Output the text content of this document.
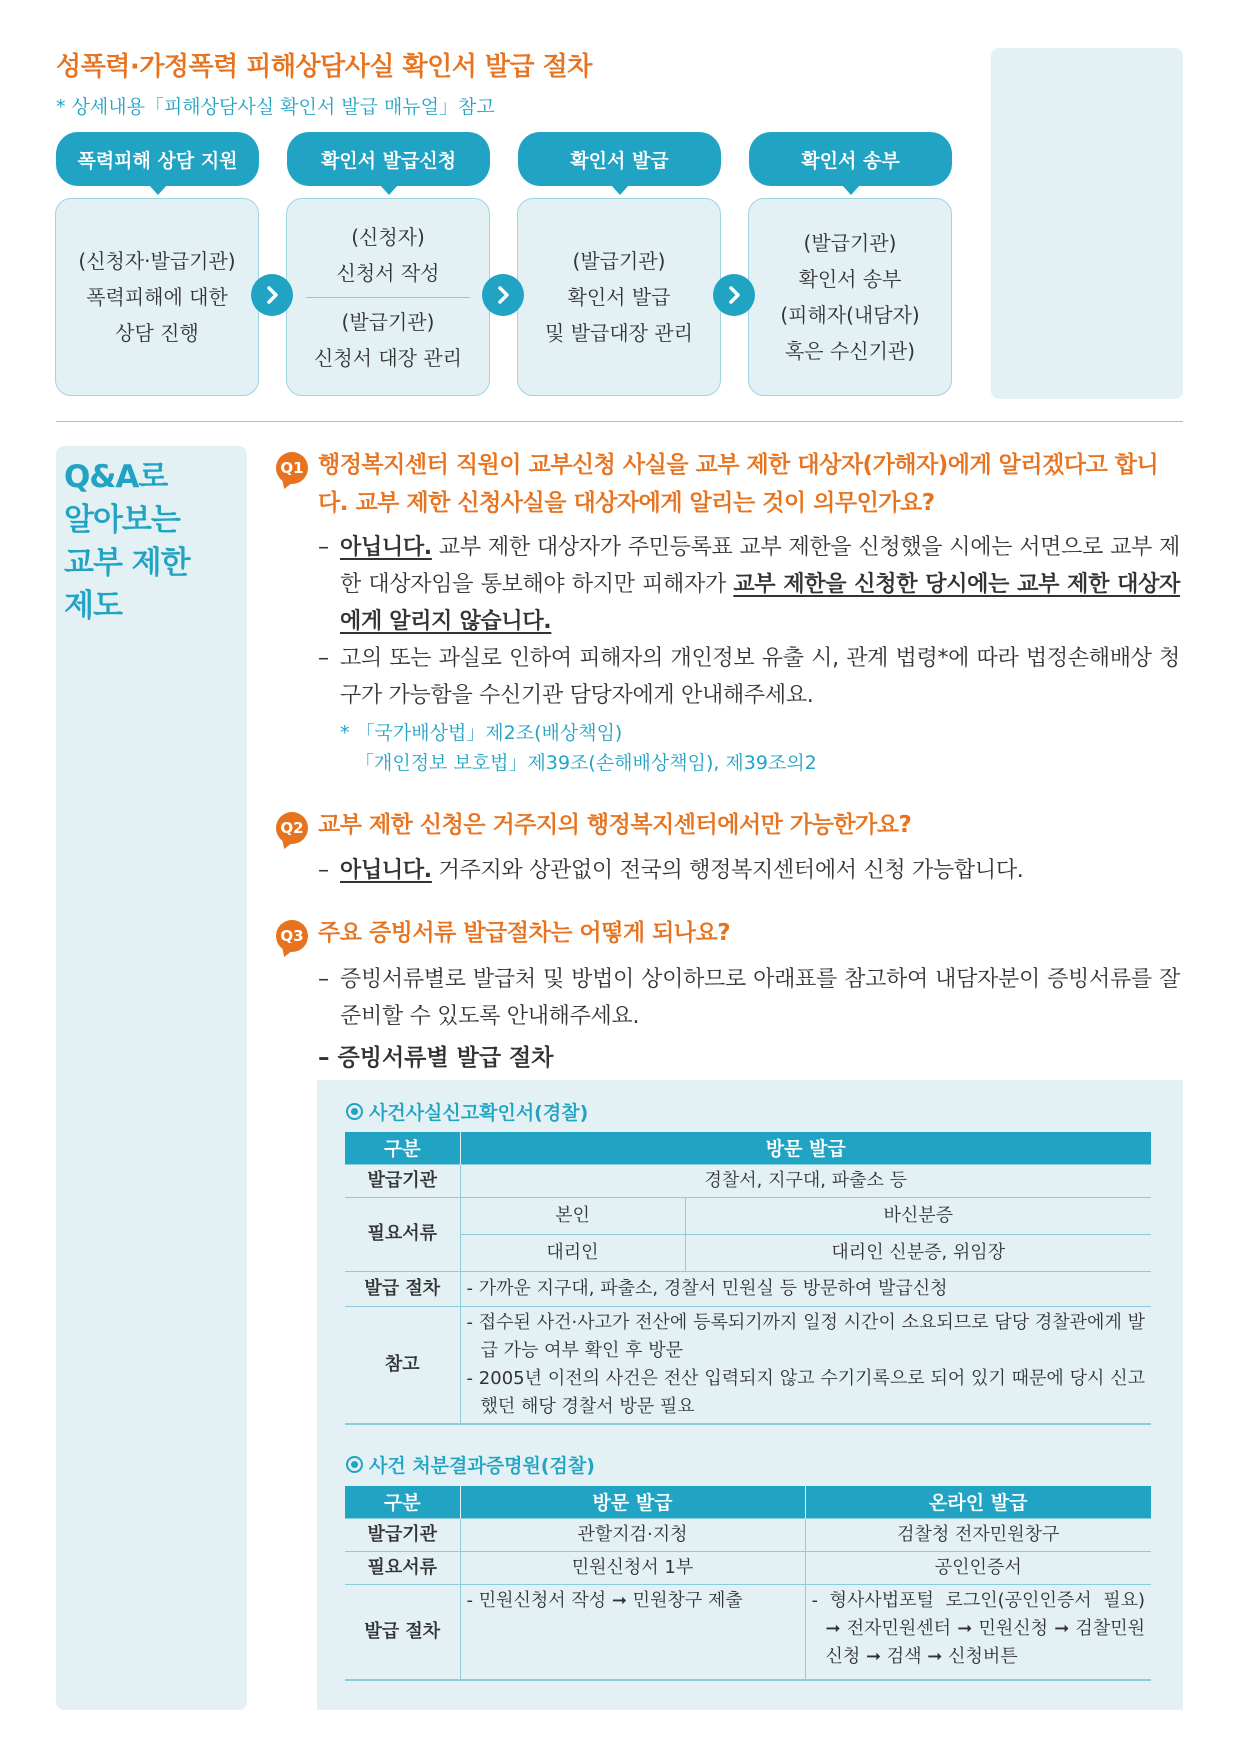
성폭력·가정폭력 피해상담사실 확인서 발급 절차
* 상세내용「피해상담사실 확인서 발급 매뉴얼」참고
폭력피해 상담 지원	확인서 발급신청	확인서 발급	확인서 송부
(신청자·발급기관)
폭력피해에 대한
상담 진행
(신청자)
신청서 작성
(발급기관)
신청서 대장 관리
(발급기관)
확인서 발급
및 발급대장 관리
(발급기관)
확인서 송부
(피해자(내담자)
혹은 수신기관)
Q&A로
알아보는
교부 제한
제도
Q1 행정복지센터 직원이 교부신청 사실을 교부 제한 대상자(가해자)에게 알리겠다고 합니다. 교부 제한 신청사실을 대상자에게 알리는 것이 의무인가요?
– 아닙니다. 교부 제한 대상자가 주민등록표 교부 제한을 신청했을 시에는 서면으로 교부 제한 대상자임을 통보해야 하지만 피해자가 교부 제한을 신청한 당시에는 교부 제한 대상자에게 알리지 않습니다.
– 고의 또는 과실로 인하여 피해자의 개인정보 유출 시, 관계 법령*에 따라 법정손해배상 청구가 가능함을 수신기관 담당자에게 안내해주세요.
* 「국가배상법」제2조(배상책임)
「개인정보 보호법」제39조(손해배상책임), 제39조의2
Q2 교부 제한 신청은 거주지의 행정복지센터에서만 가능한가요?
– 아닙니다. 거주지와 상관없이 전국의 행정복지센터에서 신청 가능합니다.
Q3 주요 증빙서류 발급절차는 어떻게 되나요?
– 증빙서류별로 발급처 및 방법이 상이하므로 아래표를 참고하여 내담자분이 증빙서류를 잘 준비할 수 있도록 안내해주세요.
– 증빙서류별 발급 절차
사건사실신고확인서(경찰)
구분	방문 발급	
발급기관	경찰서, 지구대, 파출소 등	
필요서류	본인	바신분증
	대리인	대리인 신분증, 위임장
발급 절차	- 가까운 지구대, 파출소, 경찰서 민원실 등 방문하여 발급신청	
참고	- 접수된 사건·사고가 전산에 등록되기까지 일정 시간이 소요되므로 담당 경찰관에게 발급 가능 여부 확인 후 방문
- 2005년 이전의 사건은 전산 입력되지 않고 수기기록으로 되어 있기 때문에 당시 신고했던 해당 경찰서 방문 필요	
사건 처분결과증명원(검찰)
구분	방문 발급	온라인 발급
발급기관	관할지검·지청	검찰청 전자민원창구
필요서류	민원신청서 1부	공인인증서
발급 절차	- 민원신청서 작성 ➞ 민원창구 제출	- 형사사법포털 로그인(공인인증서 필요) ➞ 전자민원센터 ➞ 민원신청 ➞ 검찰민원신청 ➞ 검색 ➞ 신청버튼
